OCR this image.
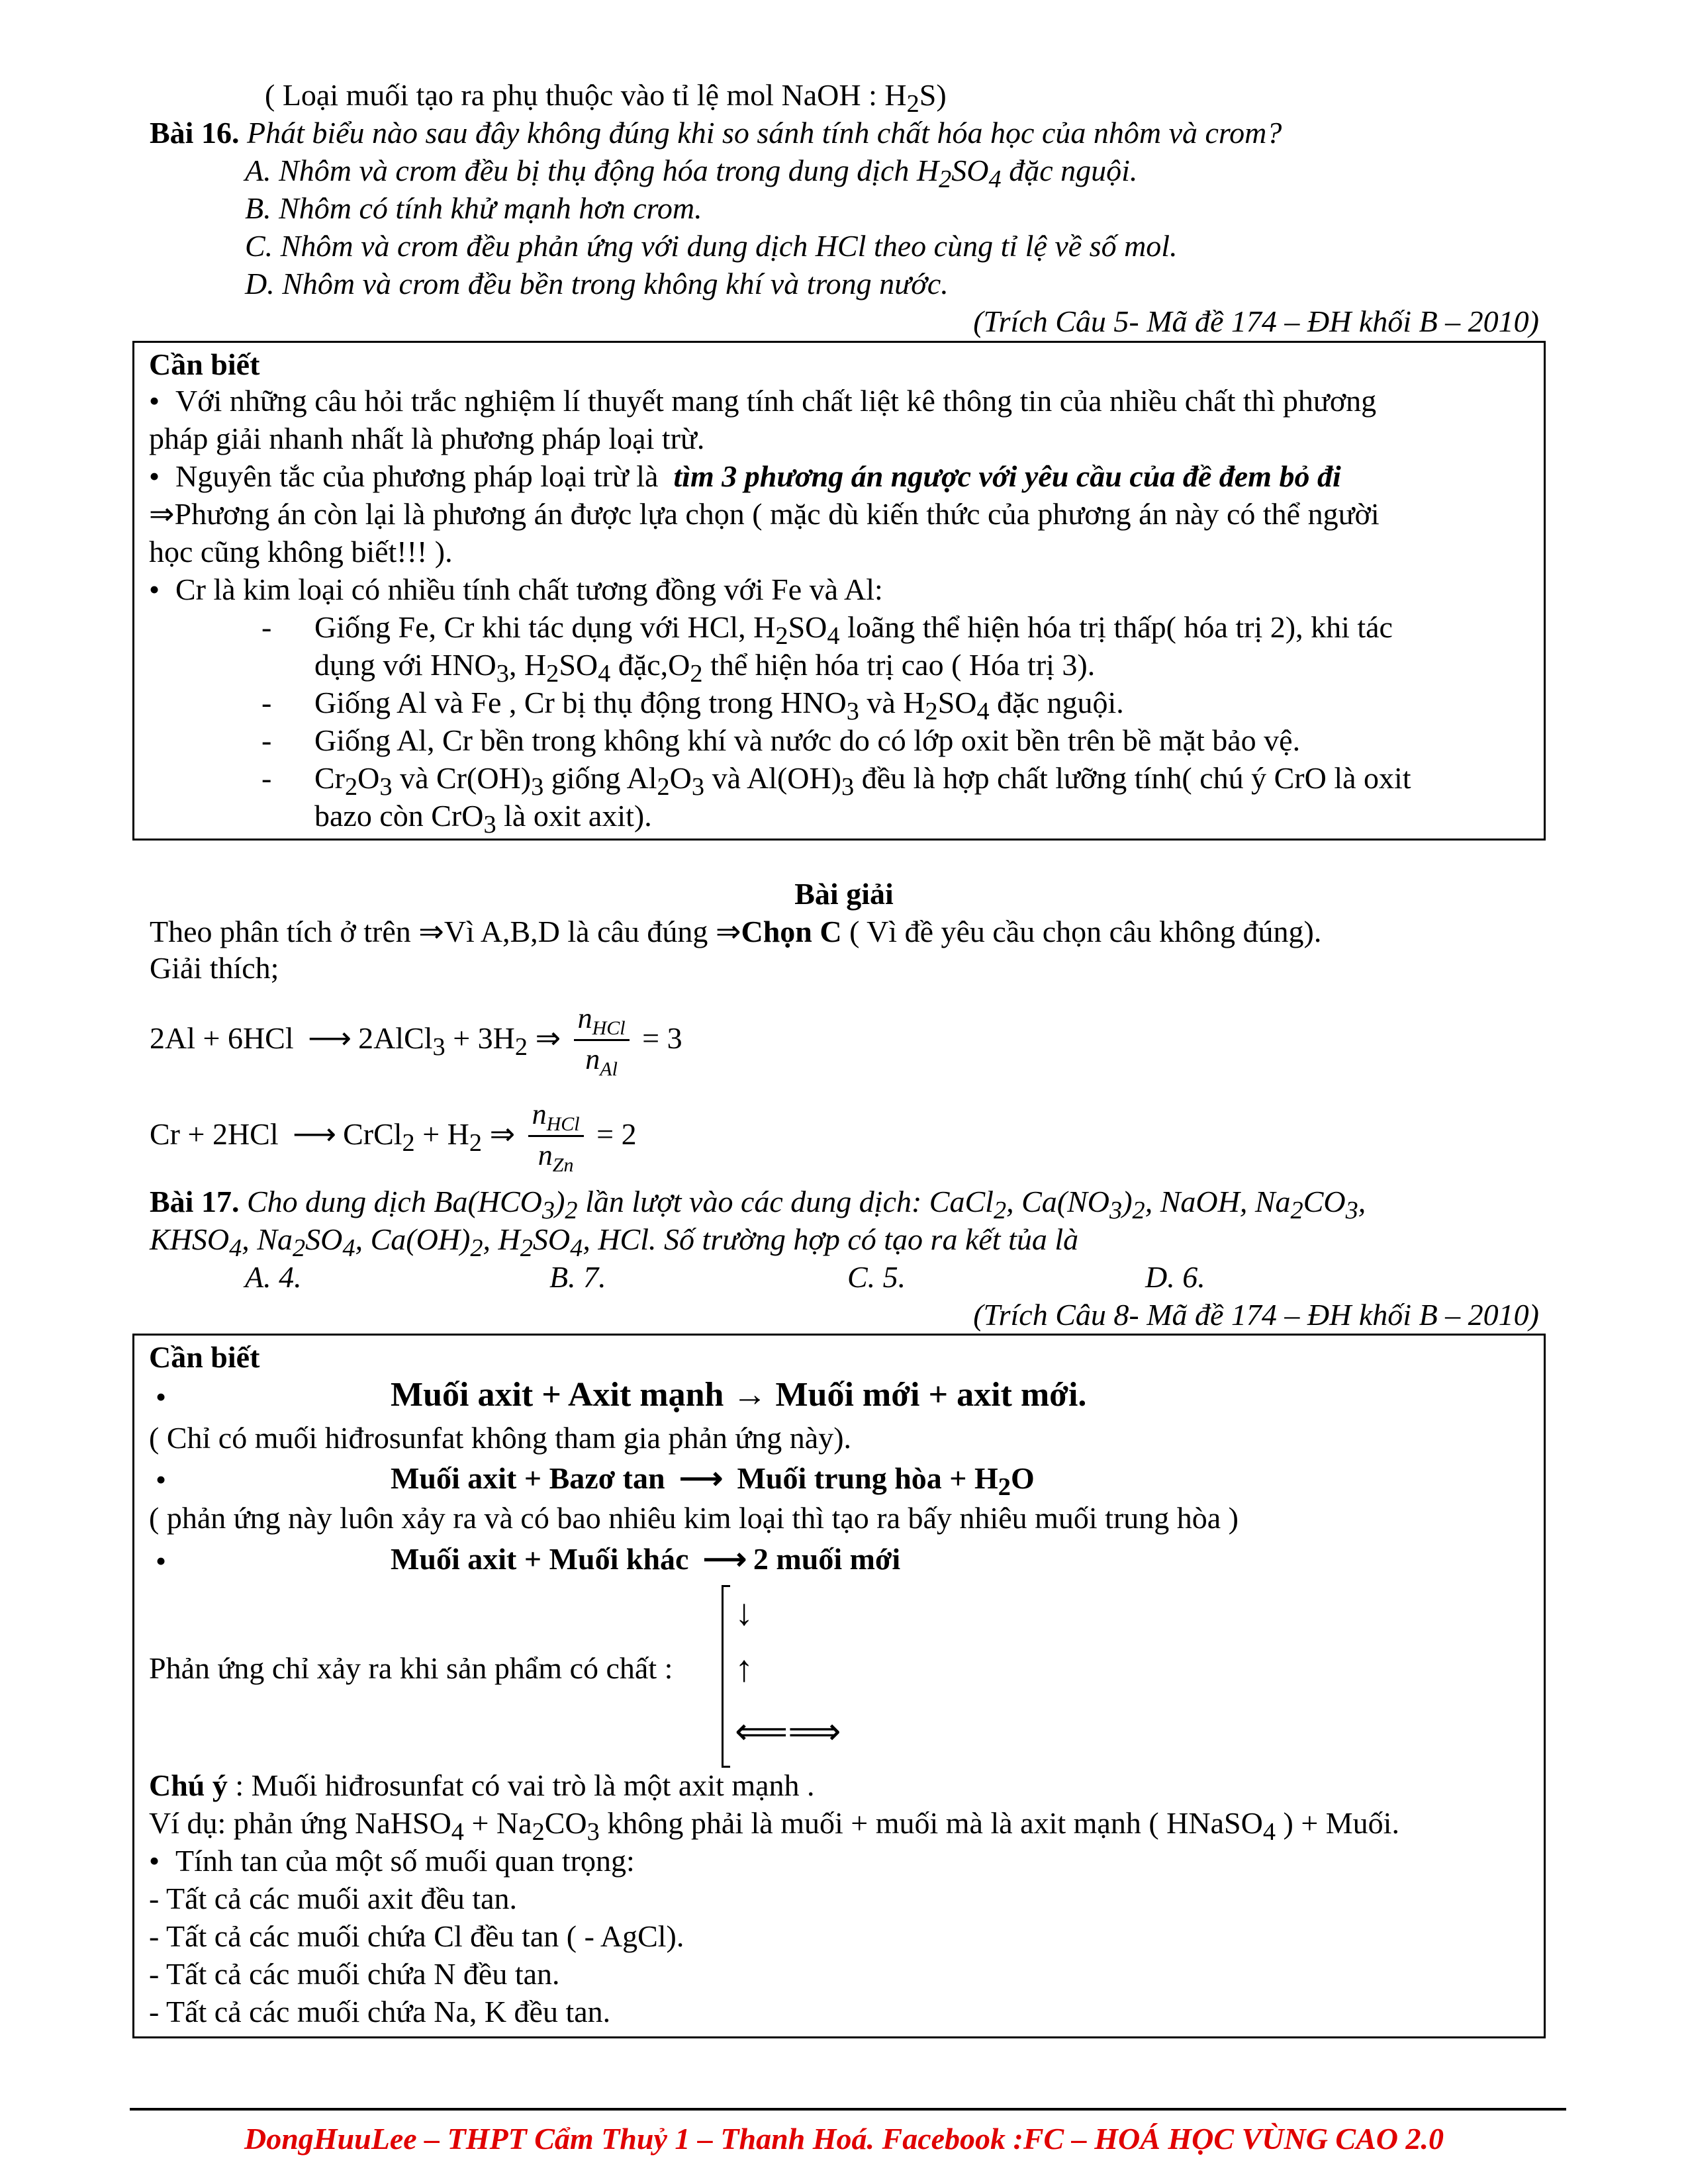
( Loại muối tạo ra phụ thuộc vào tỉ lệ mol NaOH : $H_2S$)
Bài 16. Phát biểu nào sau đây không đúng khi so sánh tính chất hóa học của nhôm và crom?
A. Nhôm và crom đều bị thụ động hóa trong dung dịch $H_2SO_4$ đặc nguội.
B. Nhôm có tính khử mạnh hơn crom.
C. Nhôm và crom đều phản ứng với dung dịch HCl theo cùng tỉ lệ về số mol.
D. Nhôm và crom đều bền trong không khí và trong nước.
(Trích Câu 5- Mã đề 174 – ĐH khối B – 2010)
Cần biết
• Với những câu hỏi trắc nghiệm lí thuyết mang tính chất liệt kê thông tin của nhiều chất thì phương
pháp giải nhanh nhất là phương pháp loại trừ.
• Nguyên tắc của phương pháp loại trừ là tìm 3 phương án ngược với yêu cầu của đề đem bỏ đi
⇒Phương án còn lại là phương án được lựa chọn ( mặc dù kiến thức của phương án này có thể người
học cũng không biết!!! ).
• Cr là kim loại có nhiều tính chất tương đồng với Fe và Al:
- Giống Fe, Cr khi tác dụng với HCl, $H_2SO_4$ loãng thể hiện hóa trị thấp( hóa trị 2), khi tác
dụng với $HNO_3$, $H_2SO_4$ $đặc,O_2$ thể hiện hóa trị cao ( Hóa trị 3).
- Giống Al và Fe , Cr bị thụ động trong $HNO_3$ và $H_2SO_4$ đặc nguội.
- Giống Al, Cr bền trong không khí và nước do có lớp oxit bền trên bề mặt bảo vệ.
- $Cr_2O_3$ và $Cr(OH)_3$ giống $Al_2O_3$ và $Al(OH)_3$ đều là hợp chất lưỡng tính( chú ý CrO là oxit
bazo còn CrO$_3$ là oxit axit).
Bài giải
Theo phân tích ở trên ⇒Vì A,B,D là câu đúng ⇒Chọn C ( Vì đề yêu cầu chọn câu không đúng).
Giải thích;
2Al + 6HCl ⟶ 2AlCl$_3$ + $3H_2$ ⇒ $\frac{n_{HCl}}{n_{Al}} = 3$
Cr + 2HCl ⟶ CrCl$_2$ + $H_2$ ⇒ $\frac{n_{HCl}}{n_{Zn}} = 2$
Bài 17. Cho dung dịch $Ba(HCO_3)_2$ lần lượt vào các dung dịch: CaCl$_2$, $Ca(NO_3)_2$, NaOH, $Na_2CO_3$,
$KHSO_4$, $Na_2SO_4$, $Ca(OH)_2$, $H_2SO_4$, HCl. Số trường hợp có tạo ra kết tủa là
A. 4.	B. 7.	C. 5.	D. 6.
(Trích Câu 8- Mã đề 174 – ĐH khối B – 2010)
Cần biết
•	Muối axit + Axit mạnh → Muối mới + axit mới.
( Chỉ có muối hiđrosunfat không tham gia phản ứng này).
•	Muối axit + Bazơ tan ⟶ Muối trung hòa + $H_2O$
( phản ứng này luôn xảy ra và có bao nhiêu kim loại thì tạo ra bấy nhiêu muối trung hòa )
•	Muối axit + Muối khác ⟶ 2 muối mới
Phản ứng chỉ xảy ra khi sản phẩm có chất :
↓
↑
⟸⟹
Chú ý : Muối hiđrosunfat có vai trò là một axit mạnh .
Ví dụ: phản ứng NaHSO$_4$ + $Na_2CO_3$ không phải là muối + muối mà là axit mạnh ( HNaSO$_4$ ) + Muối.
• Tính tan của một số muối quan trọng:
- Tất cả các muối axit đều tan.
- Tất cả các muối chứa Cl đều tan ( - AgCl).
- Tất cả các muối chứa N đều tan.
- Tất cả các muối chứa Na, K đều tan.
DongHuuLee – THPT Cẩm Thuỷ 1 – Thanh Hoá. Facebook :FC – HOÁ HỌC VÙNG CAO 2.0
